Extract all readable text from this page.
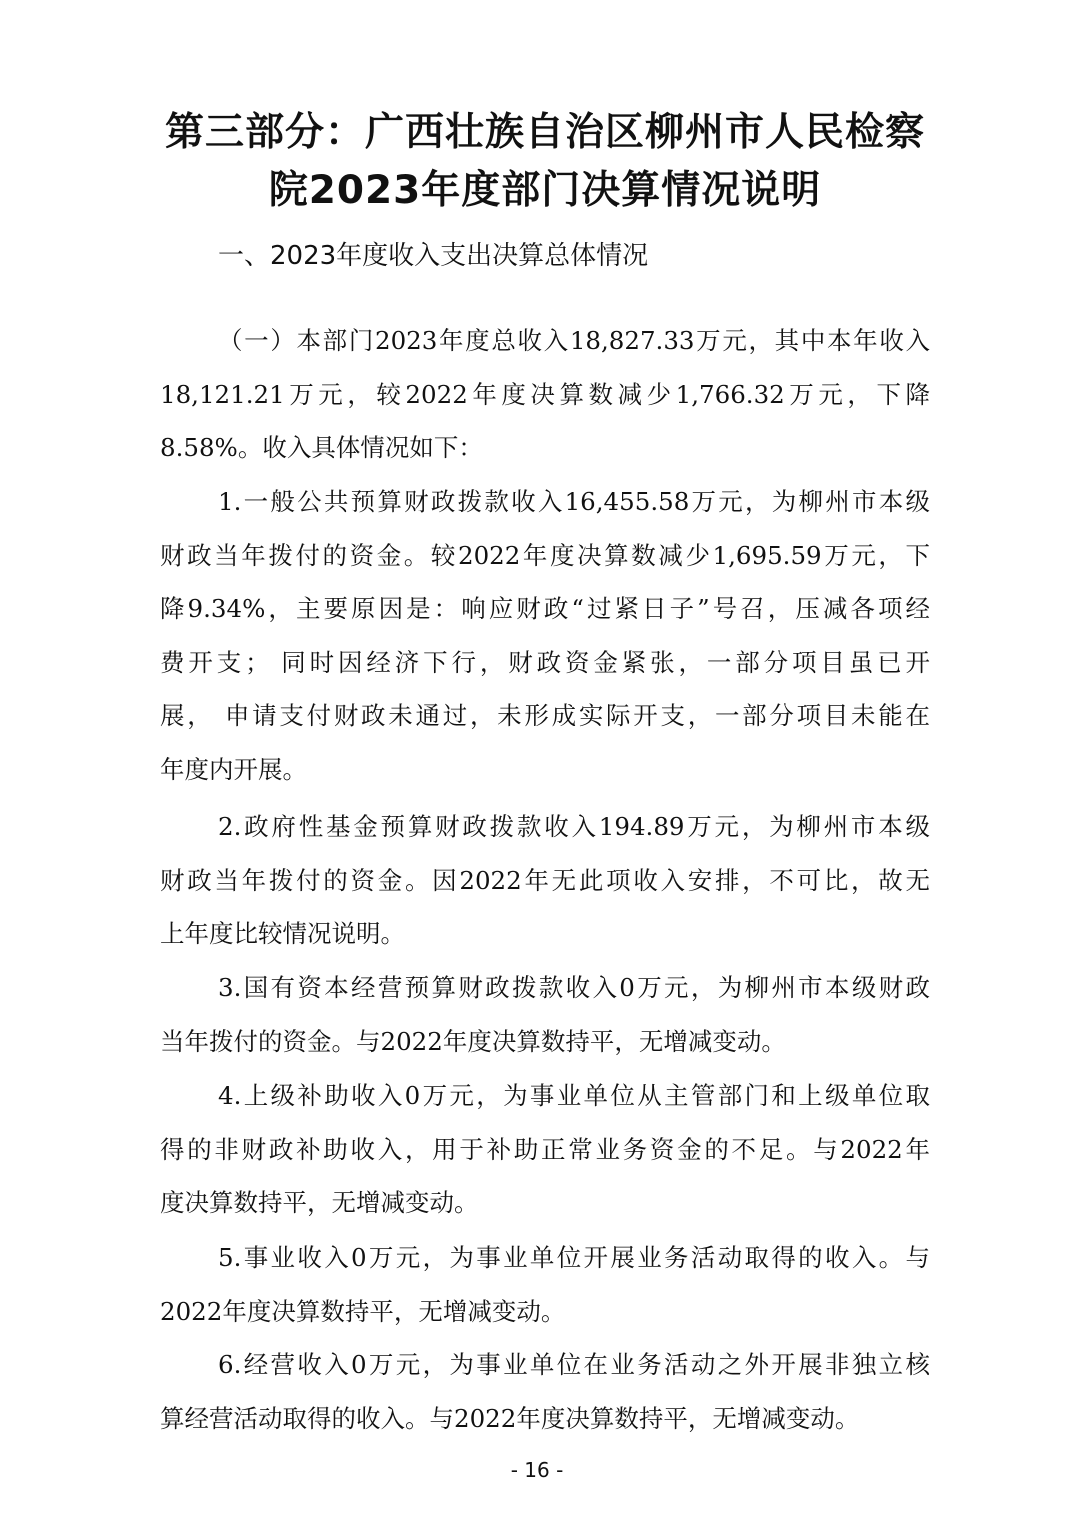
第三部分：广西壮族自治区柳州市人民检察
院2023年度部门决算情况说明
一、2023年度收入支出决算总体情况
（一）本部门2023年度总收入18,827.33万元，其中本年收入
18,121.21万元，较2022年度决算数减少1,766.32万元，下降
8.58%。收入具体情况如下：
1.一般公共预算财政拨款收入16,455.58万元，为柳州市本级
财政当年拨付的资金。较2022年度决算数减少1,695.59万元，下
降9.34%，主要原因是：响应财政“过紧日子”号召，压减各项经
费开支； 同时因经济下行，财政资金紧张，一部分项目虽已开
展， 申请支付财政未通过，未形成实际开支，一部分项目未能在
年度内开展。
2.政府性基金预算财政拨款收入194.89万元，为柳州市本级
财政当年拨付的资金。因2022年无此项收入安排，不可比，故无
上年度比较情况说明。
3.国有资本经营预算财政拨款收入0万元，为柳州市本级财政
当年拨付的资金。与2022年度决算数持平，无增减变动。
4.上级补助收入0万元，为事业单位从主管部门和上级单位取
得的非财政补助收入，用于补助正常业务资金的不足。与2022年
度决算数持平，无增减变动。
5.事业收入0万元，为事业单位开展业务活动取得的收入。与
2022年度决算数持平，无增减变动。
6.经营收入0万元，为事业单位在业务活动之外开展非独立核
算经营活动取得的收入。与2022年度决算数持平，无增减变动。
- 16 -
